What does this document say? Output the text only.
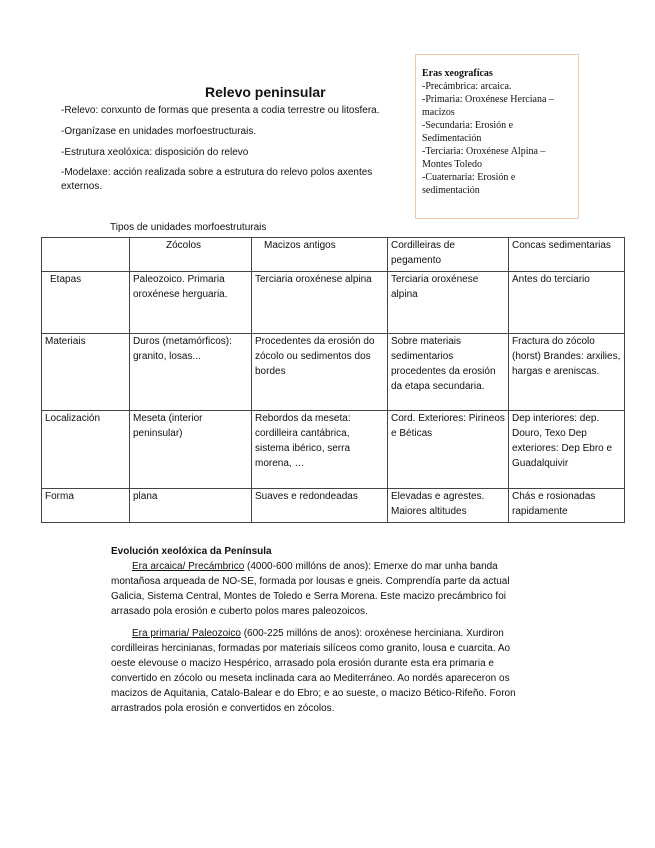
Relevo peninsular
-Relevo: conxunto de formas que presenta a codia terrestre ou litosfera.
-Organízase en unidades morfoestructurais.
-Estrutura xeolóxica: disposición do relevo
-Modelaxe: acción realizada sobre a estrutura do relevo polos axentes externos.
Eras xeografícas
-Precámbrica: arcaica.
-Primaria: Oroxénese Herciana – macizos
-Secundaria: Erosión e Sedimentación
-Terciaria: Oroxénese Alpina – Montes Toledo
-Cuaternaria: Erosión e sedimentación
Tipos de unidades morfoestruturais
	Zócolos	Macizos antigos	Cordilleiras de pegamento	Concas sedimentarias
Etapas	Paleozoico. Primaria oroxénese herguaria.	Terciaria oroxénese alpina	Terciaria oroxénese alpina	Antes do terciario
Materiais	Duros (metamórficos): granito, losas...	Procedentes da erosión do zócolo ou sedimentos dos bordes	Sobre materiais sedimentarios procedentes da erosión da etapa secundaria.	Fractura do zócolo (horst) Brandes: arxilies, hargas e areniscas.
Localización	Meseta (interior peninsular)	Rebordos da meseta: cordilleira cantábrica, sistema ibérico, serra morena, …	Cord. Exteriores: Pirineos e Béticas	Dep interiores: dep. Douro, Texo Dep exteriores: Dep Ebro e Guadalquivir
Forma	plana	Suaves e redondeadas	Elevadas e agrestes. Maiores altitudes	Chás e rosionadas rapidamente
Evolución xeolóxica da Península
Era arcaica/ Precámbrico (4000-600 millóns de anos): Emerxe do mar unha banda montañosa arqueada de NO-SE, formada por lousas e gneis. Comprendía parte da actual Galicia, Sistema Central, Montes de Toledo e Serra Morena. Este macizo precámbrico foi arrasado pola erosión e cuberto polos mares paleozoicos.
Era primaria/ Paleozoico (600-225 millóns de anos): oroxénese herciniana. Xurdiron cordilleiras hercinianas, formadas por materiais silíceos como granito, lousa e cuarcita. Ao oeste elevouse o macizo Hespérico, arrasado pola erosión durante esta era primaria e convertido en zócolo ou meseta inclinada cara ao Mediterráneo. Ao nordés apareceron os macizos de Aquitania, Catalo-Balear e do Ebro; e ao sueste, o macizo Bético-Rifeño. Foron arrastrados pola erosión e convertidos en zócolos.
